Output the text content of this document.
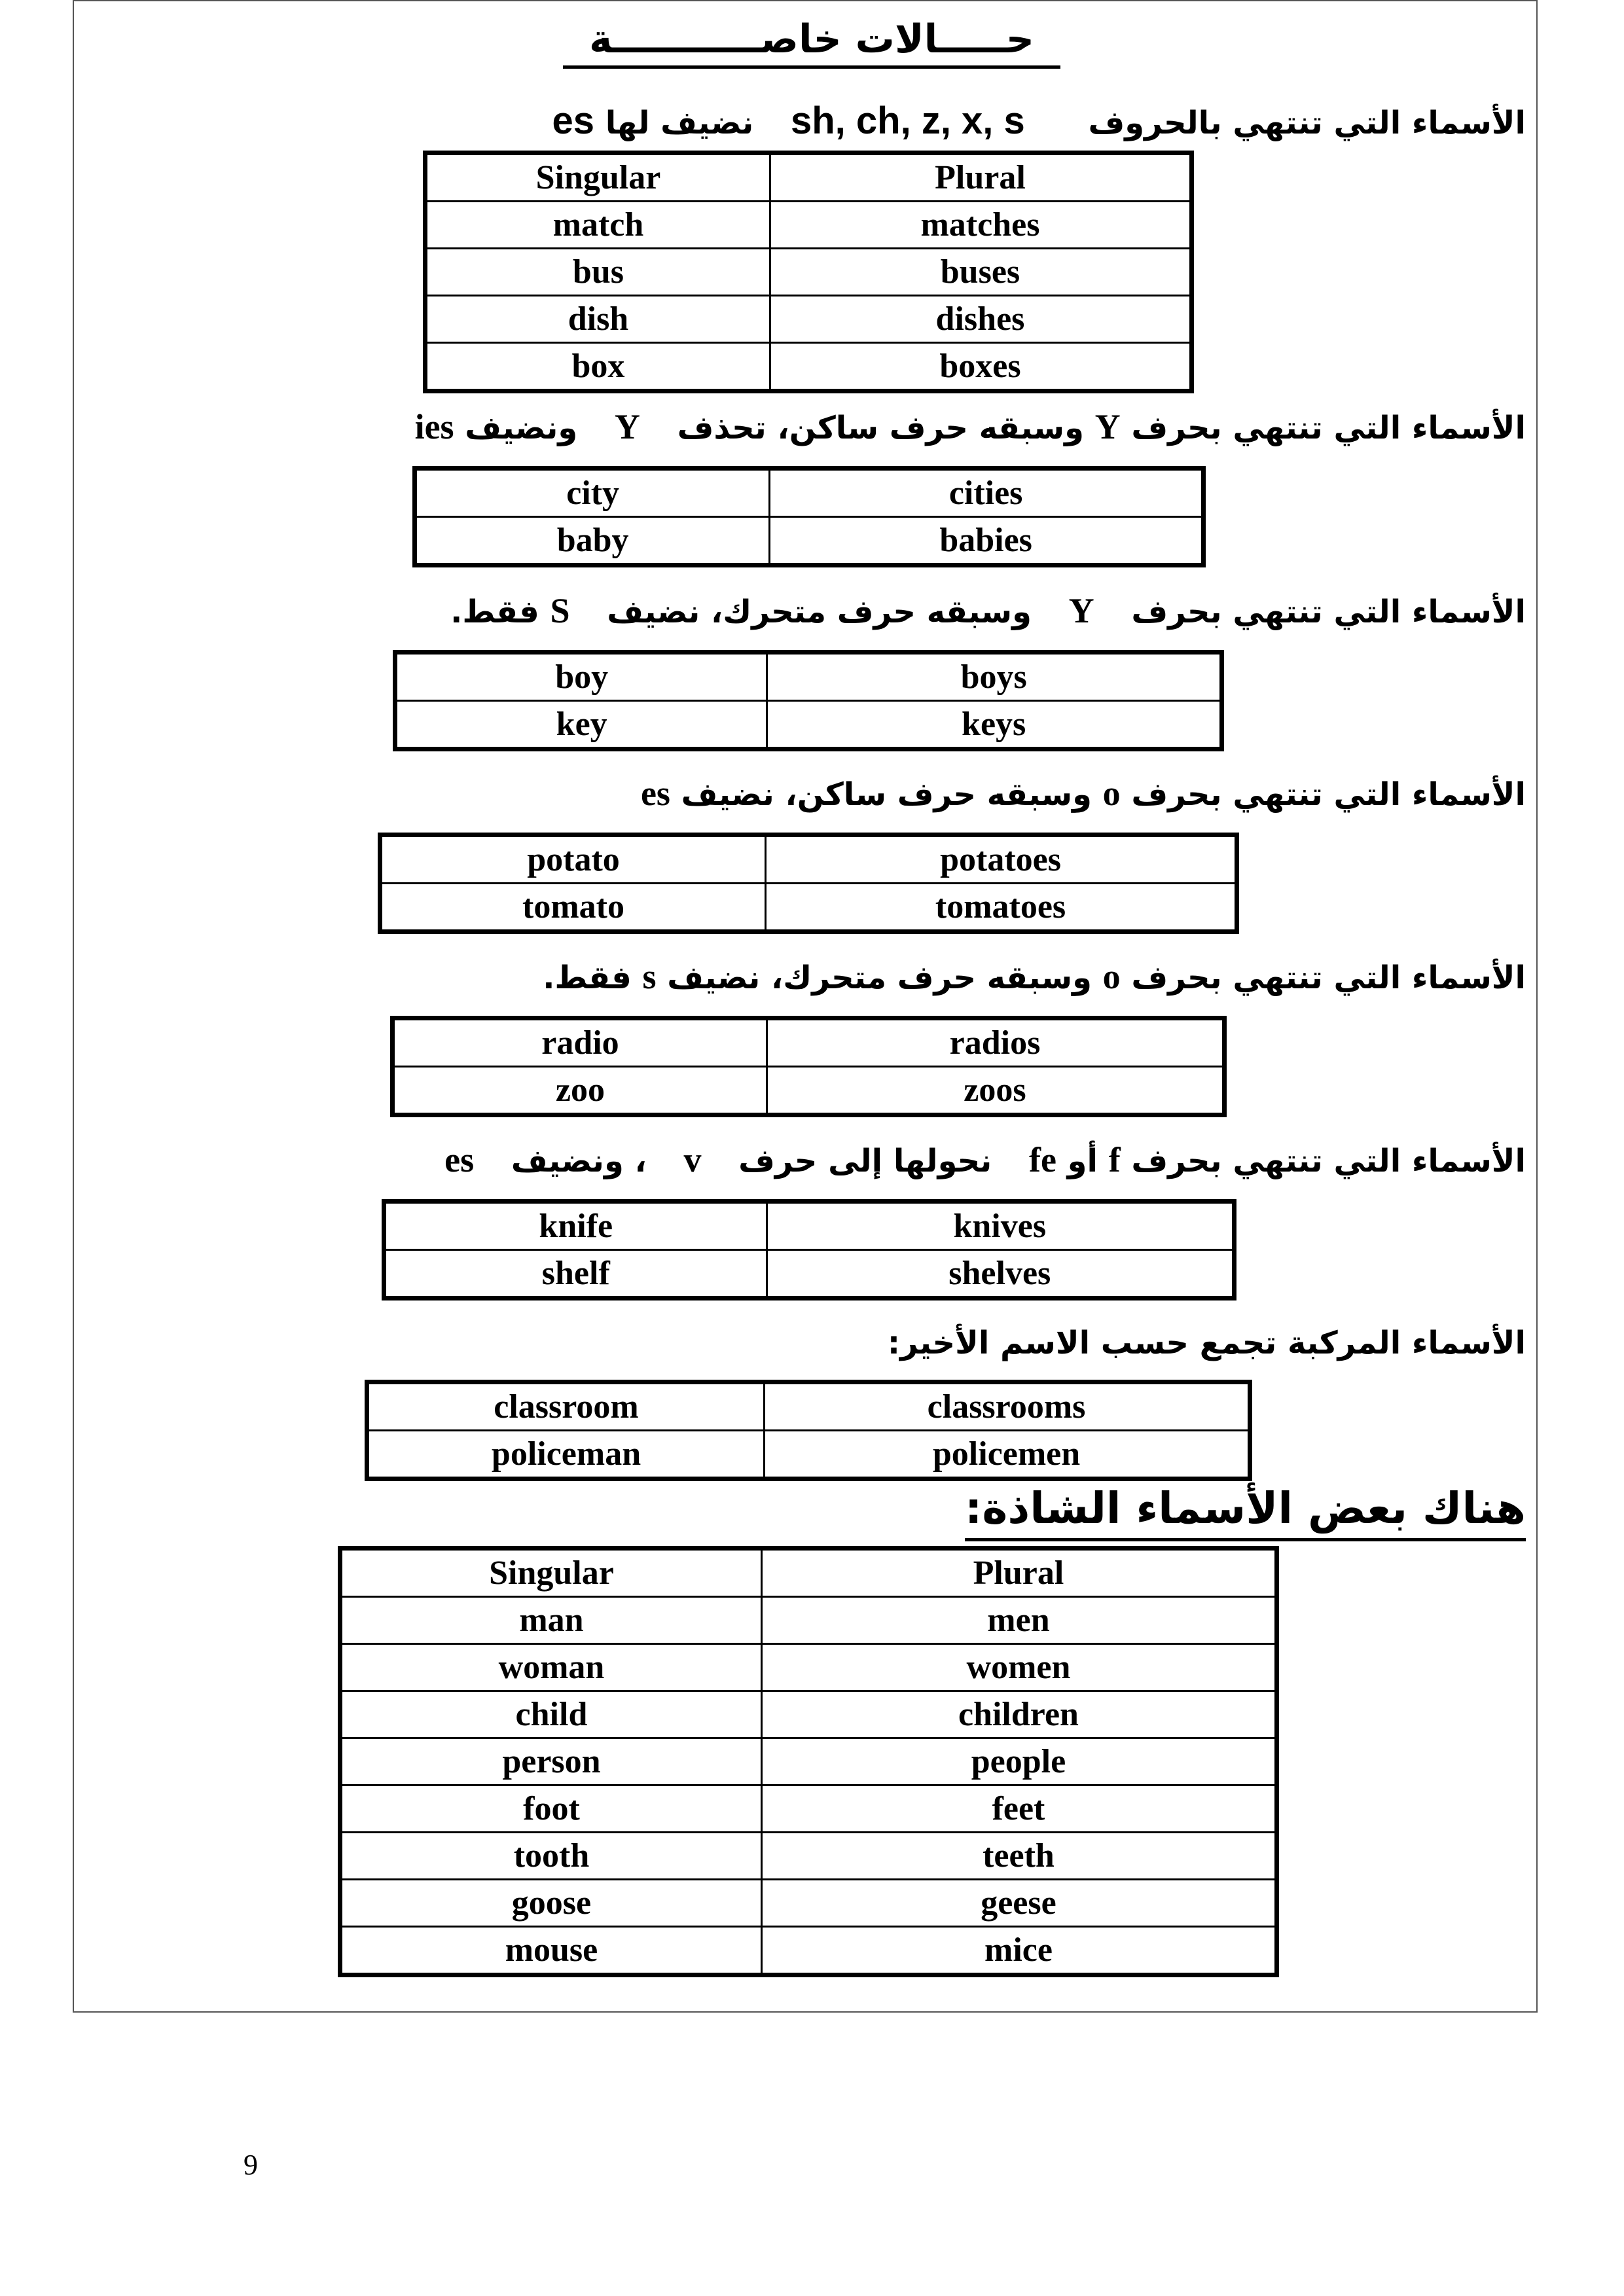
حـــــالات خاصـــــــــــة
الأسماء التي تنتهي بالحروف sh, ch, z, x, s نضيف لها es
Singular	Plural
match	matches
bus	buses
dish	dishes
box	boxes
الأسماء التي تنتهي بحرف Y وسبقه حرف ساكن، تحذف Y ونضيف ies
city	cities
baby	babies
الأسماء التي تنتهي بحرف Y وسبقه حرف متحرك، نضيف S فقط.
boy	boys
key	keys
الأسماء التي تنتهي بحرف o وسبقه حرف ساكن، نضيف es
potato	potatoes
tomato	tomatoes
الأسماء التي تنتهي بحرف o وسبقه حرف متحرك، نضيف s فقط.
radio	radios
zoo	zoos
الأسماء التي تنتهي بحرف f أو fe نحولها إلى حرف v ، ونضيف es
knife	knives
shelf	shelves
الأسماء المركبة تجمع حسب الاسم الأخير:
classroom	classrooms
policeman	policemen
هناك بعض الأسماء الشاذة:
Singular	Plural
man	men
woman	women
child	children
person	people
foot	feet
tooth	teeth
goose	geese
mouse	mice
9
